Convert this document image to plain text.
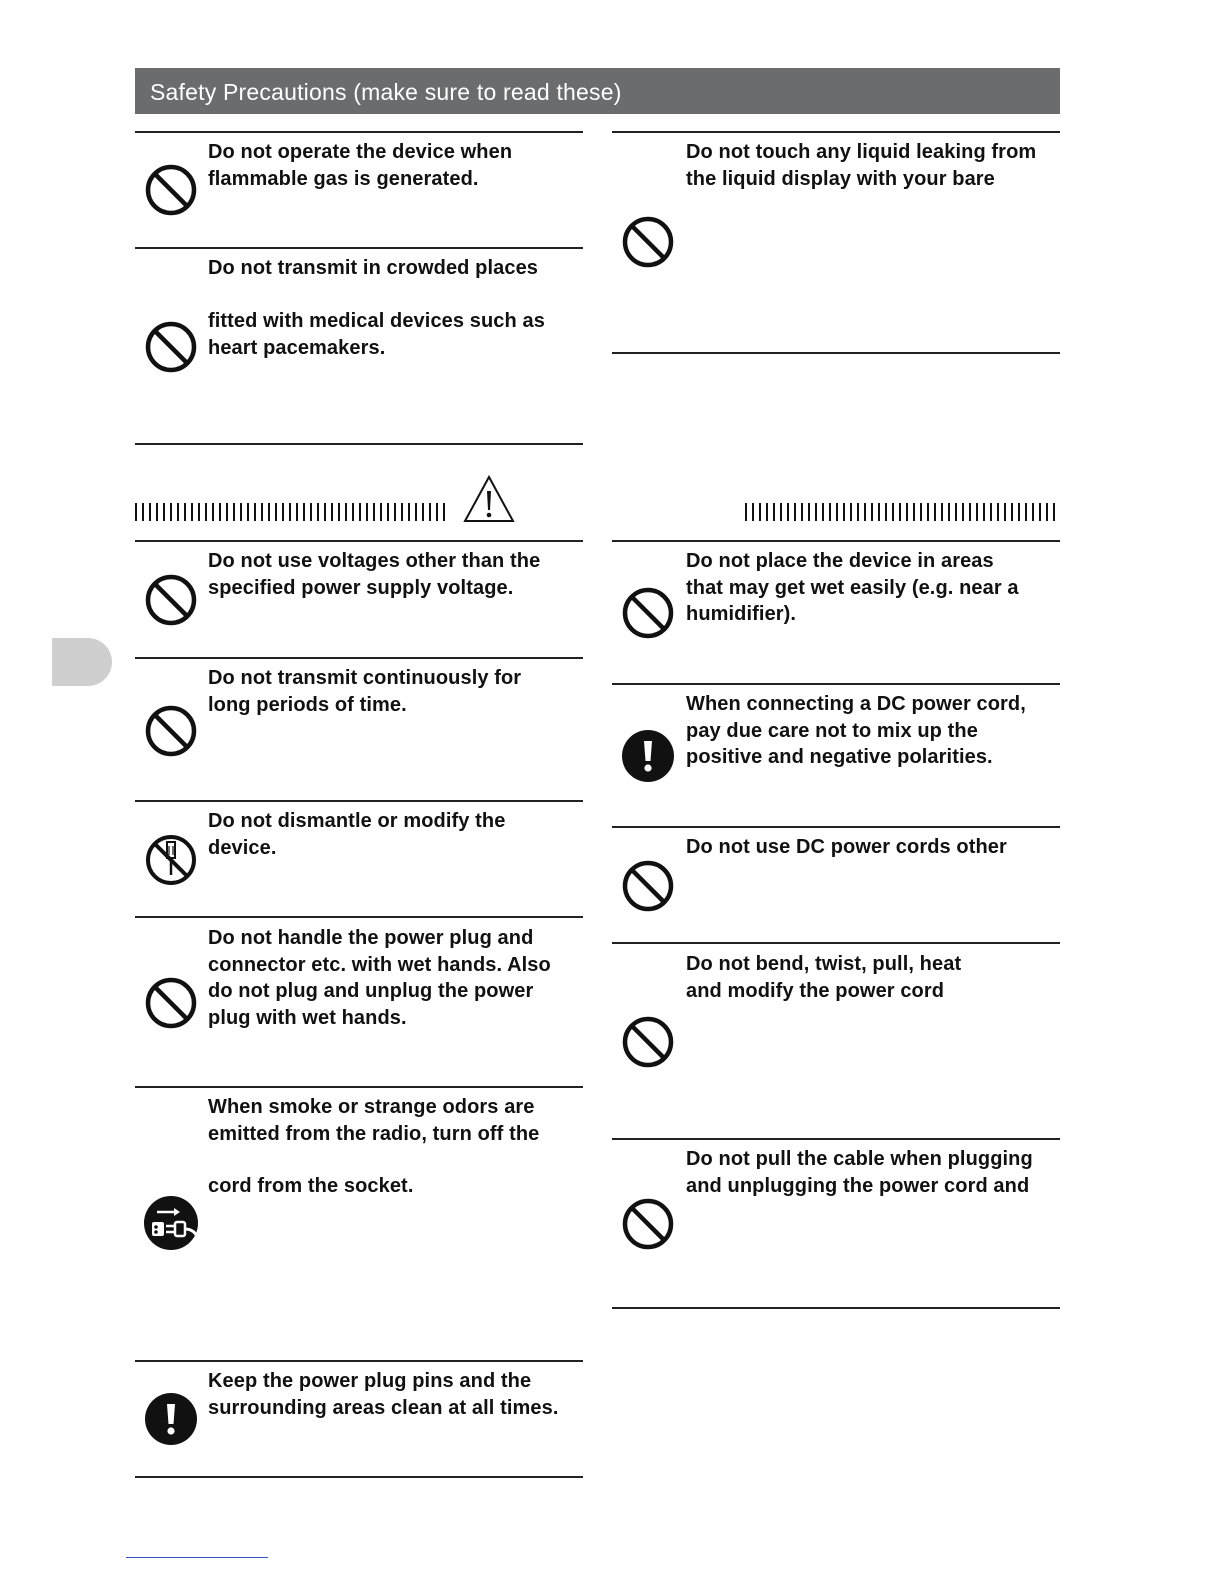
Safety Precautions (make sure to read these)
Do not operate the device when
flammable gas is generated.
Do not transmit in crowded places
fitted with medical devices such as
heart pacemakers.
Do not use voltages other than the
specified power supply voltage.
Do not transmit continuously for
long periods of time.
Do not dismantle or modify the
device.
Do not handle the power plug and
connector etc. with wet hands. Also
do not plug and unplug the power
plug with wet hands.
When smoke or strange odors are
emitted from the radio, turn off the
cord from the socket.
Keep the power plug pins and the
surrounding areas clean at all times.
Do not touch any liquid leaking from
the liquid display with your bare
Do not place the device in areas
that may get wet easily (e.g. near a
humidifier).
When connecting a DC power cord,
pay due care not to mix up the
positive and negative polarities.
Do not use DC power cords other
Do not bend, twist, pull, heat
and modify the power cord
Do not pull the cable when plugging
and unplugging the power cord and
